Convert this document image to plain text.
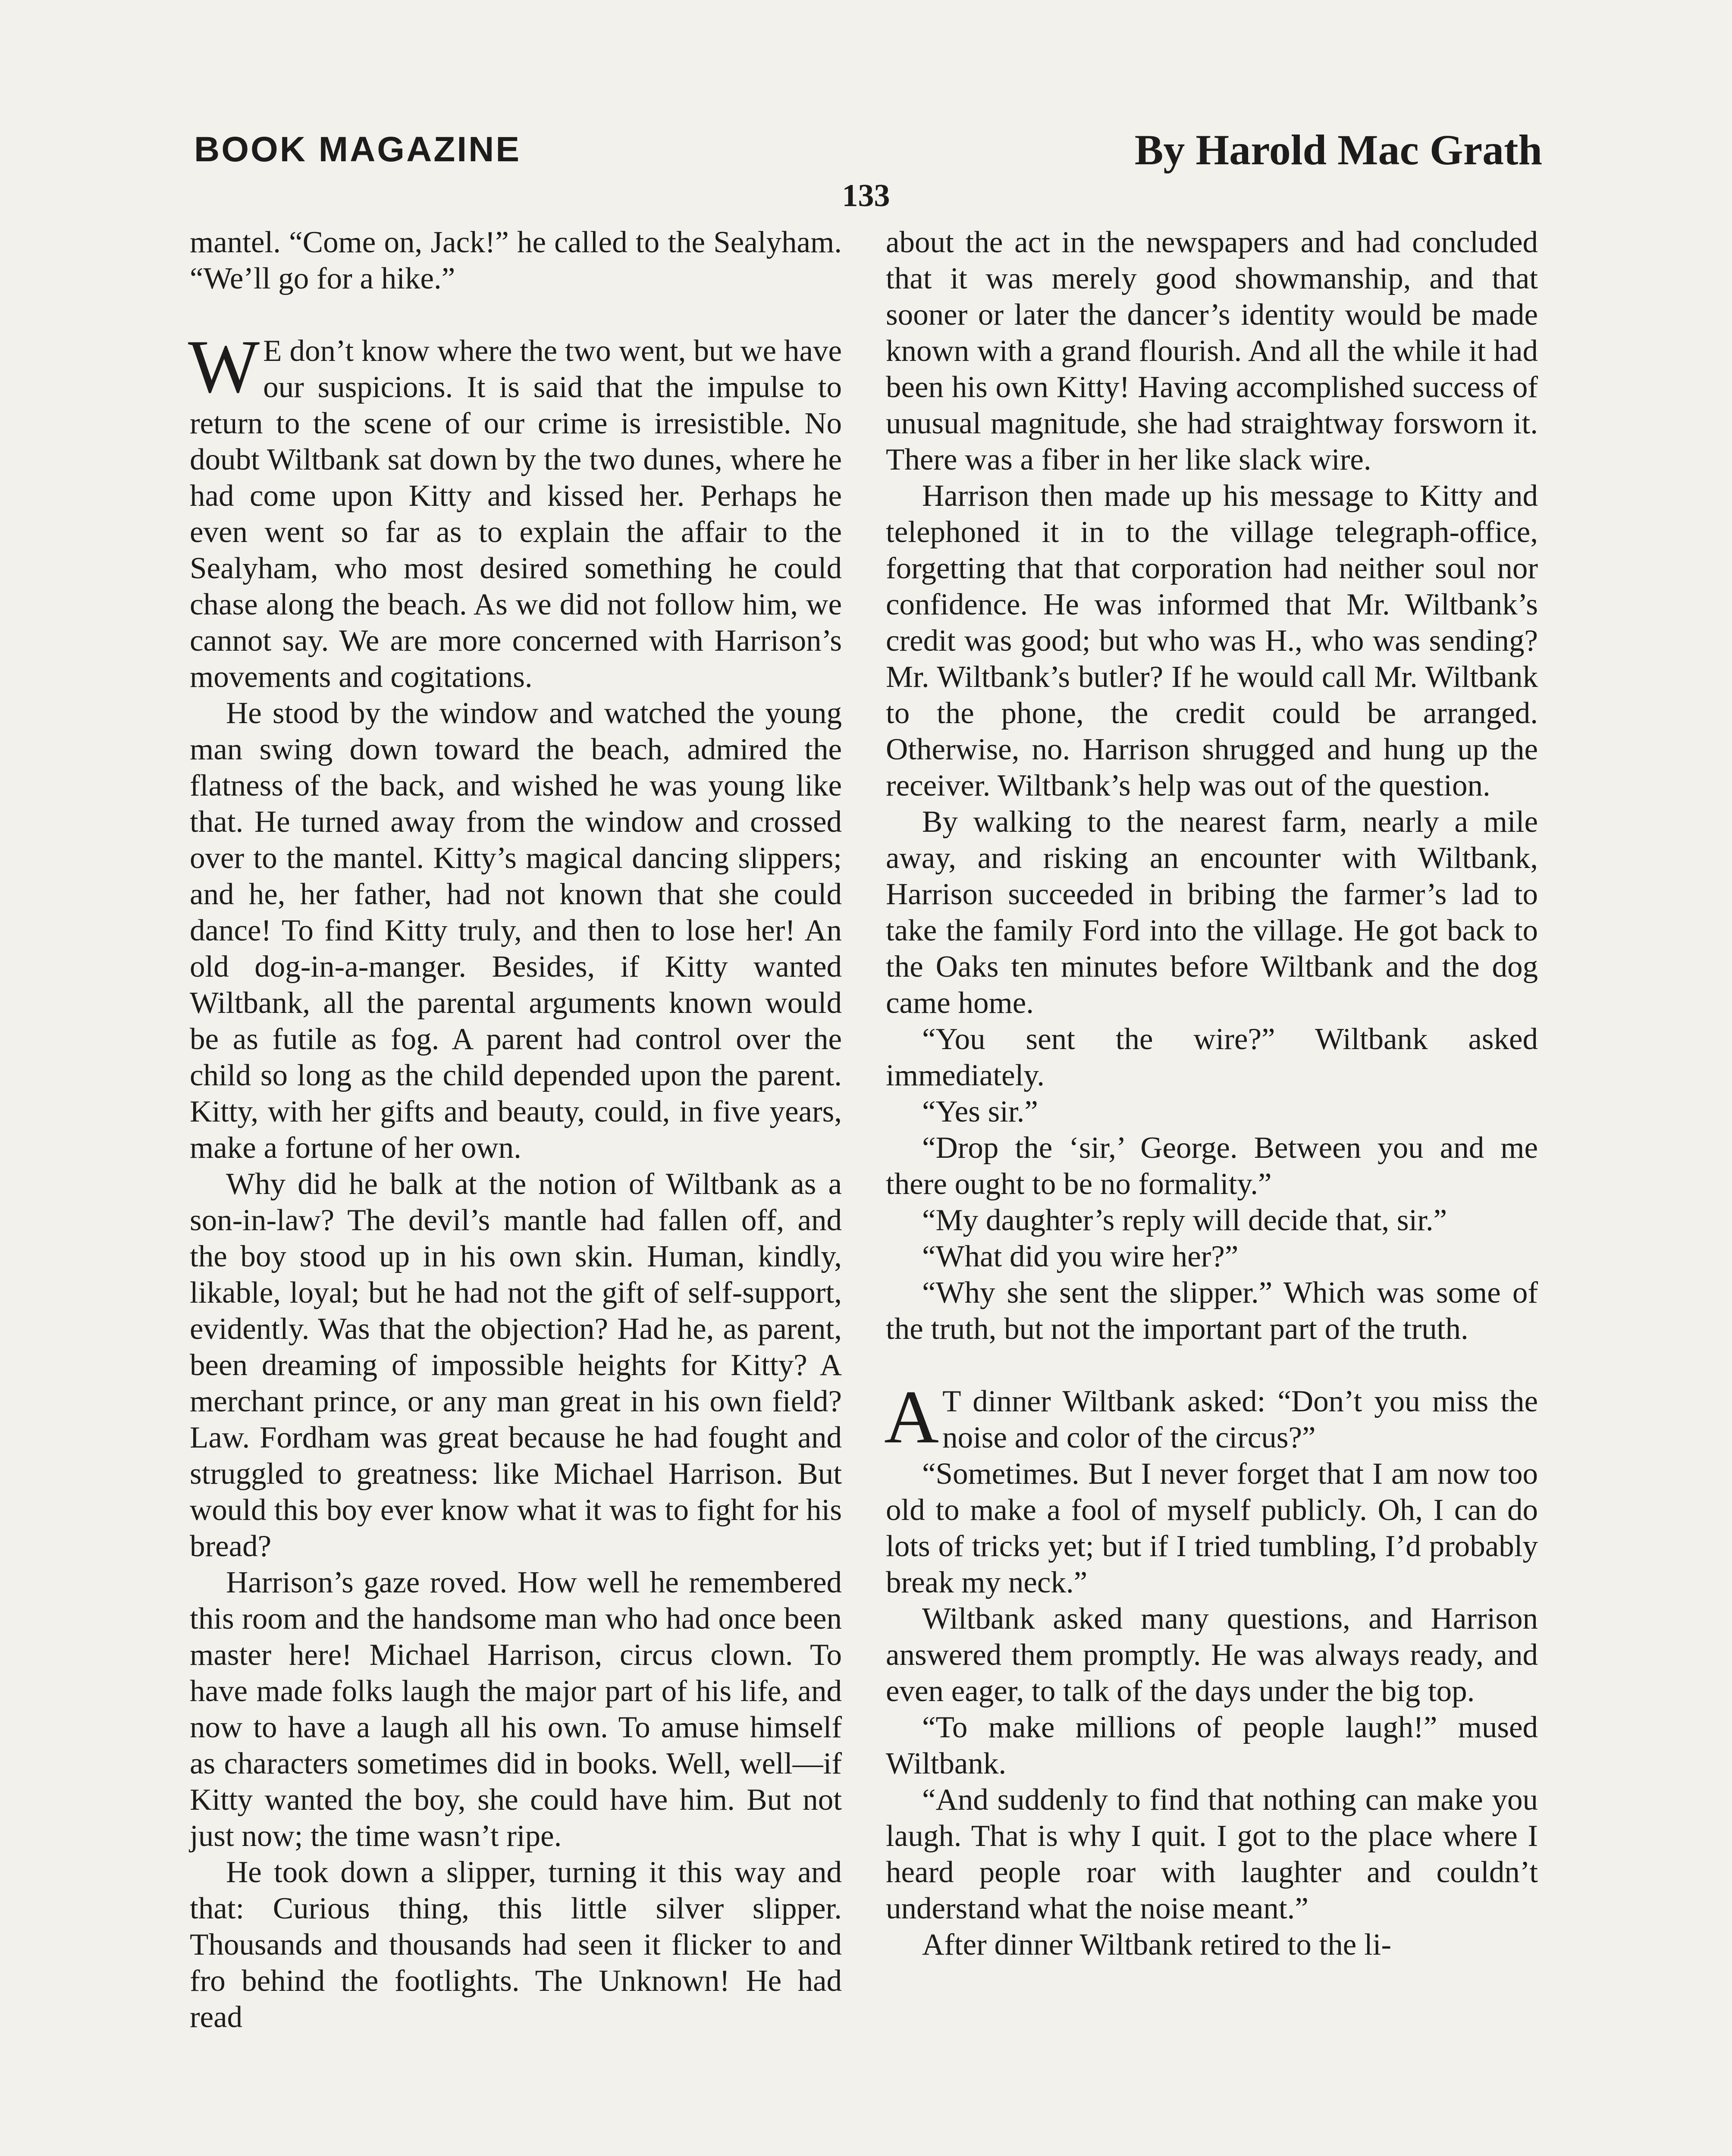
BOOK MAGAZINE	By Harold Mac Grath
133

mantel. “Come on, Jack!” he called to the Sealyham. “We’ll go for a hike.”

W E don’t know where the two went, but we have our suspicions. It is said that the impulse to return to the scene of our crime is irresistible. No doubt Wiltbank sat down by the two dunes, where he had come upon Kitty and kissed her. Perhaps he even went so far as to explain the affair to the Sealyham, who most desired something he could chase along the beach. As we did not follow him, we cannot say. We are more concerned with Harrison’s movements and cogitations.

He stood by the window and watched the young man swing down toward the beach, admired the flatness of the back, and wished he was young like that. He turned away from the window and crossed over to the mantel. Kitty’s magical dancing slippers; and he, her father, had not known that she could dance! To find Kitty truly, and then to lose her! An old dog-in-a-manger. Besides, if Kitty wanted Wiltbank, all the parental arguments known would be as futile as fog. A parent had control over the child so long as the child depended upon the parent. Kitty, with her gifts and beauty, could, in five years, make a fortune of her own.

Why did he balk at the notion of Wiltbank as a son-in-law? The devil’s mantle had fallen off, and the boy stood up in his own skin. Human, kindly, likable, loyal; but he had not the gift of self-support, evidently. Was that the objection? Had he, as parent, been dreaming of impossible heights for Kitty? A merchant prince, or any man great in his own field? Law. Fordham was great because he had fought and struggled to greatness: like Michael Harrison. But would this boy ever know what it was to fight for his bread?

Harrison’s gaze roved. How well he remembered this room and the handsome man who had once been master here! Michael Harrison, circus clown. To have made folks laugh the major part of his life, and now to have a laugh all his own. To amuse himself as characters sometimes did in books. Well, well—if Kitty wanted the boy, she could have him. But not just now; the time wasn’t ripe.

He took down a slipper, turning it this way and that: Curious thing, this little silver slipper. Thousands and thousands had seen it flicker to and fro behind the footlights. The Unknown! He had read

about the act in the newspapers and had concluded that it was merely good showmanship, and that sooner or later the dancer’s identity would be made known with a grand flourish. And all the while it had been his own Kitty! Having accomplished success of unusual magnitude, she had straightway forsworn it. There was a fiber in her like slack wire.

Harrison then made up his message to Kitty and telephoned it in to the village telegraph-office, forgetting that that corporation had neither soul nor confidence. He was informed that Mr. Wiltbank’s credit was good; but who was H., who was sending? Mr. Wiltbank’s butler? If he would call Mr. Wiltbank to the phone, the credit could be arranged. Otherwise, no. Harrison shrugged and hung up the receiver. Wiltbank’s help was out of the question.

By walking to the nearest farm, nearly a mile away, and risking an encounter with Wiltbank, Harrison succeeded in bribing the farmer’s lad to take the family Ford into the village. He got back to the Oaks ten minutes before Wiltbank and the dog came home.

“You sent the wire?” Wiltbank asked immediately.

“Yes sir.”

“Drop the ‘sir,’ George. Between you and me there ought to be no formality.”

“My daughter’s reply will decide that, sir.”

“What did you wire her?”

“Why she sent the slipper.” Which was some of the truth, but not the important part of the truth.

A T dinner Wiltbank asked: “Don’t you miss the noise and color of the circus?”

“Sometimes. But I never forget that I am now too old to make a fool of myself publicly. Oh, I can do lots of tricks yet; but if I tried tumbling, I’d probably break my neck.”

Wiltbank asked many questions, and Harrison answered them promptly. He was always ready, and even eager, to talk of the days under the big top.

“To make millions of people laugh!” mused Wiltbank.

“And suddenly to find that nothing can make you laugh. That is why I quit. I got to the place where I heard people roar with laughter and couldn’t understand what the noise meant.”

After dinner Wiltbank retired to the li-
